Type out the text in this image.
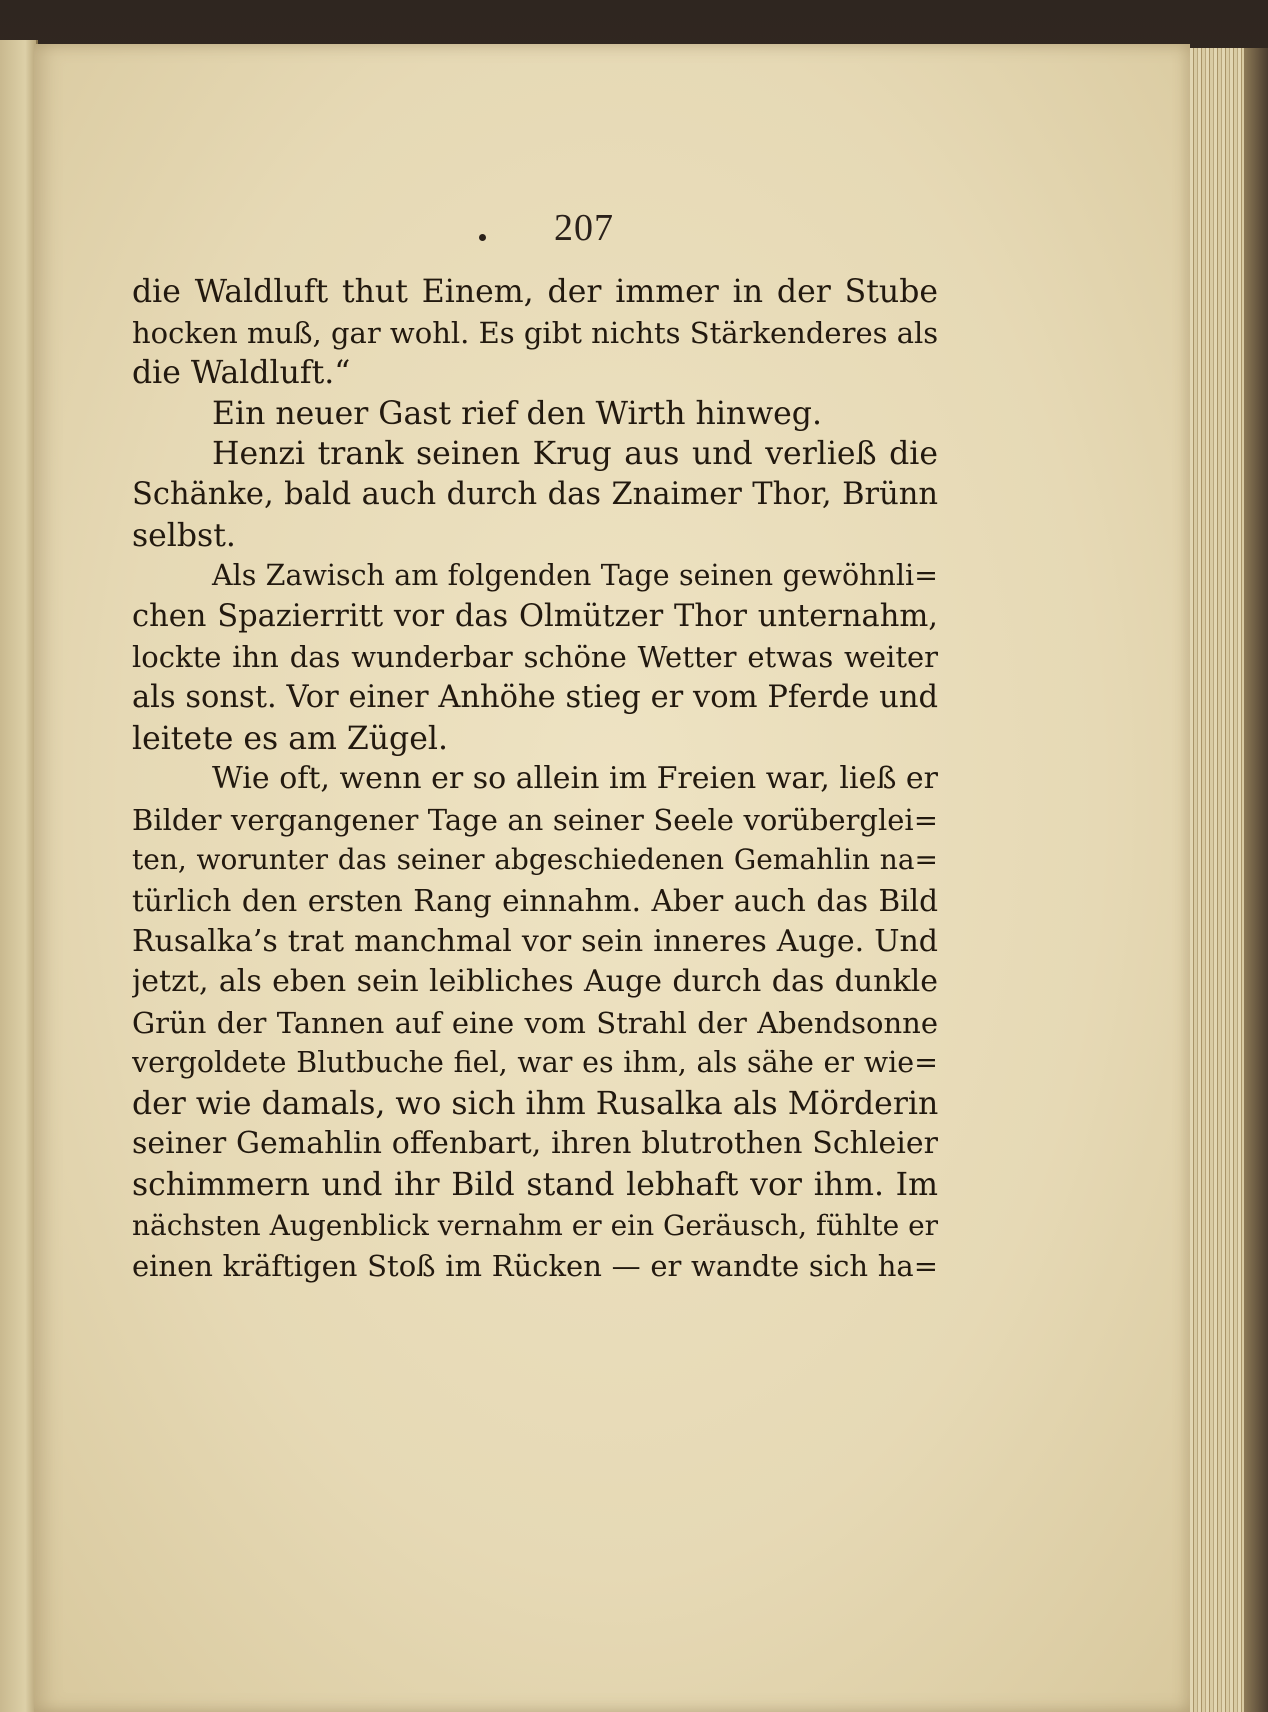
207
die Waldluft thut Einem, der immer in der Stube
hocken muß, gar wohl. Es gibt nichts Stärkenderes als
die Waldluft.“
Ein neuer Gast rief den Wirth hinweg.
Henzi trank seinen Krug aus und verließ die
Schänke, bald auch durch das Znaimer Thor, Brünn
selbst.
Als Zawisch am folgenden Tage seinen gewöhnli=
chen Spazierritt vor das Olmützer Thor unternahm,
lockte ihn das wunderbar schöne Wetter etwas weiter
als sonst. Vor einer Anhöhe stieg er vom Pferde und
leitete es am Zügel.
Wie oft, wenn er so allein im Freien war, ließ er
Bilder vergangener Tage an seiner Seele vorüberglei=
ten, worunter das seiner abgeschiedenen Gemahlin na=
türlich den ersten Rang einnahm. Aber auch das Bild
Rusalka’s trat manchmal vor sein inneres Auge. Und
jetzt, als eben sein leibliches Auge durch das dunkle
Grün der Tannen auf eine vom Strahl der Abendsonne
vergoldete Blutbuche fiel, war es ihm, als sähe er wie=
der wie damals, wo sich ihm Rusalka als Mörderin
seiner Gemahlin offenbart, ihren blutrothen Schleier
schimmern und ihr Bild stand lebhaft vor ihm. Im
nächsten Augenblick vernahm er ein Geräusch, fühlte er
einen kräftigen Stoß im Rücken — er wandte sich ha=
